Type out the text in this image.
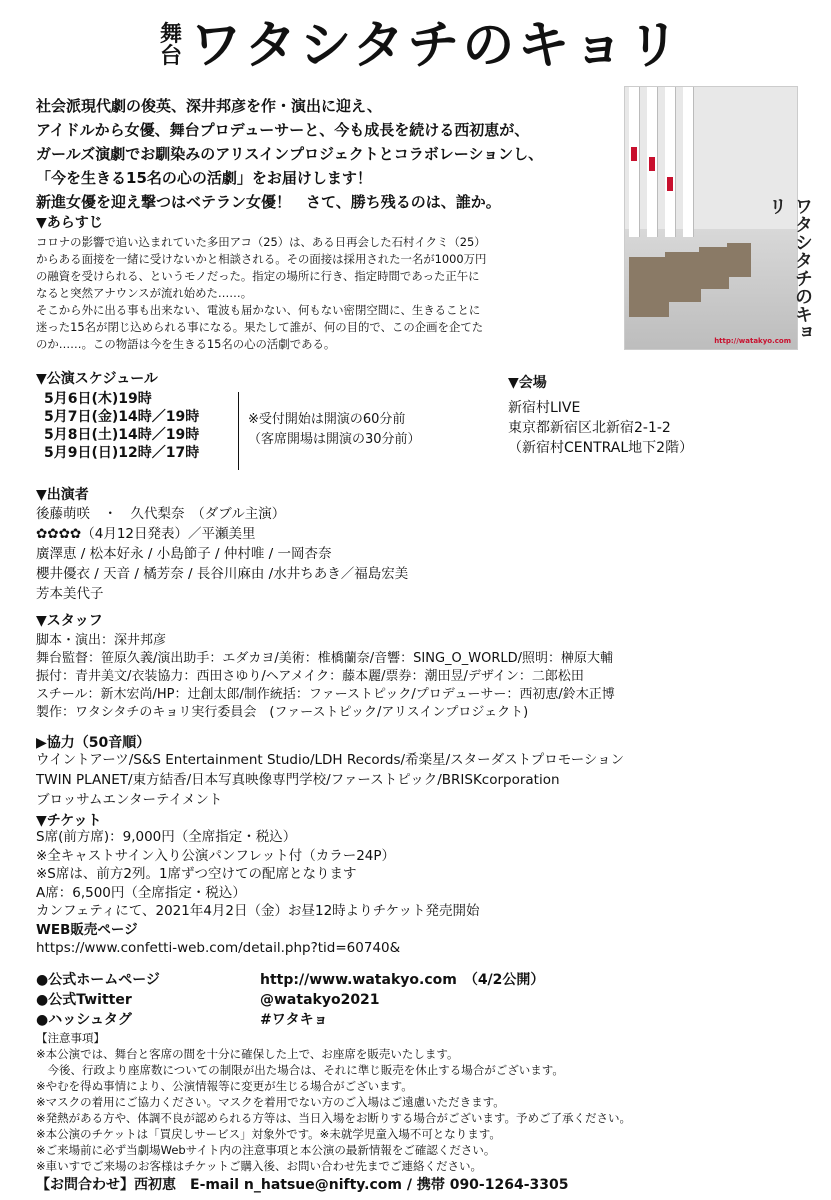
舞
台 ワタシタチのキョリ
社会派現代劇の俊英、深井邦彦を作・演出に迎え、
アイドルから女優、舞台プロデューサーと、今も成長を続ける西初恵が、
ガールズ演劇でお馴染みのアリスインプロジェクトとコラボレーションし、
「今を生きる15名の心の活劇」をお届けします！
新進女優を迎え撃つはベテラン女優！　さて、勝ち残るのは、誰か。	ワタシタチのキョリ
http://watakyo.com
▼あらすじ
コロナの影響で追い込まれていた多田アコ（25）は、ある日再会した石村イクミ（25）
からある面接を一緒に受けないかと相談される。その面接は採用された一名が1000万円
の融資を受けられる、というモノだった。指定の場所に行き、指定時間であった正午に
なると突然アナウンスが流れ始めた……。
そこから外に出る事も出来ない、電波も届かない、何もない密閉空間に、生きることに
迷った15名が閉じ込められる事になる。果たして誰が、何の目的で、この企画を企てた
のか……。この物語は今を生きる15名の心の活劇である。
▼公演スケジュール
5月6日(木)19時
5月7日(金)14時／19時
5月8日(土)14時／19時
5月9日(日)12時／17時
※受付開始は開演の60分前
（客席開場は開演の30分前）
▼会場
新宿村LIVE
東京都新宿区北新宿2-1-2
（新宿村CENTRAL地下2階）
▼出演者
後藤萌咲　・　久代梨奈　（ダブル主演）
✿✿✿✿（4月12日発表）／平瀬美里
廣澤恵 / 松本好永 / 小島節子 / 仲村唯 / 一岡杏奈
櫻井優衣 / 天音 / 橘芳奈 / 長谷川麻由 /水井ちあき／福島宏美
芳本美代子
▼スタッフ
脚本・演出：深井邦彦
舞台監督：笹原久義/演出助手：エダカヨ/美術：椎橋蘭奈/音響：SING_O_WORLD/照明：榊原大輔
振付：青井美文/衣装協力：西田さゆり/ヘアメイク：藤本麗/票券：潮田昱/デザイン：二郎松田
スチール：新木宏尚/HP：辻創太郎/制作統括：ファーストピック/プロデューサー：西初恵/鈴木正博
製作：ワタシタチのキョリ実行委員会　(ファーストピック/アリスインプロジェクト)
▶協力（50音順）
ウイントアーツ/S&S Entertainment Studio/LDH Records/希楽星/スターダストプロモーション
TWIN PLANET/東方結香/日本写真映像専門学校/ファーストピック/BRISKcorporation
ブロッサムエンターテイメント
▼チケット
S席(前方席)：9,000円（全席指定・税込）
※全キャストサイン入り公演パンフレット付（カラー24P）
※S席は、前方2列。1席ずつ空けての配席となります
A席：6,500円（全席指定・税込）
カンフェティにて、2021年4月2日（金）お昼12時よりチケット発売開始
WEB販売ページ
https://www.confetti-web.com/detail.php?tid=60740&
●公式ホームページ	http://www.watakyo.com　（4/2公開）
●公式Twitter	@watakyo2021
●ハッシュタグ	#ワタキョ
【注意事項】
※本公演では、舞台と客席の間を十分に確保した上で、お座席を販売いたします。
　今後、行政より座席数についての制限が出た場合は、それに準じ販売を休止する場合がございます。
※やむを得ぬ事情により、公演情報等に変更が生じる場合がございます。
※マスクの着用にご協力ください。マスクを着用でない方のご入場はご遠慮いただきます。
※発熱がある方や、体調不良が認められる方等は、当日入場をお断りする場合がございます。予めご了承ください。
※本公演のチケットは「買戻しサービス」対象外です。※未就学児童入場不可となります。
※ご来場前に必ず当劇場Webサイト内の注意事項と本公演の最新情報をご確認ください。
※車いすでご来場のお客様はチケットご購入後、お問い合わせ先までご連絡ください。
【お問合わせ】西初恵　E-mail n_hatsue@nifty.com / 携帯 090-1264-3305
